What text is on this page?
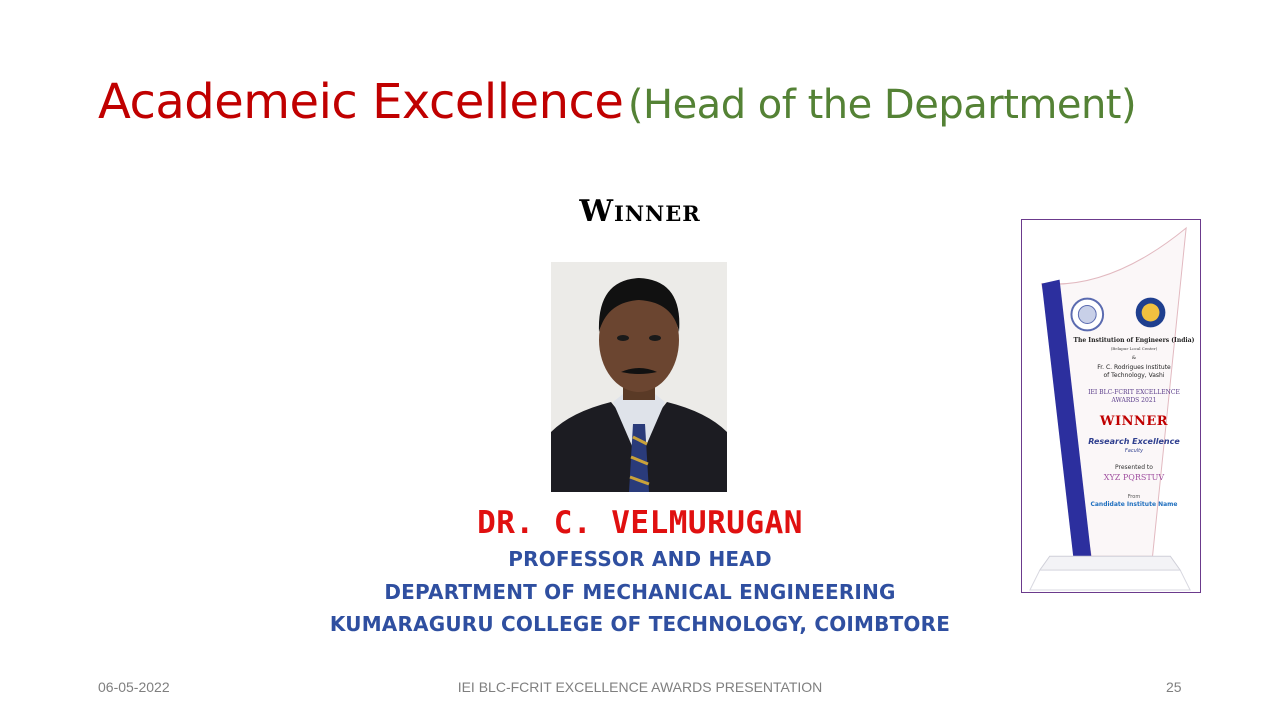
Academeic Excellence (Head of the Department)
Winner
DR. C. VELMURUGAN
PROFESSOR AND HEAD
DEPARTMENT OF MECHANICAL ENGINEERING
KUMARAGURU COLLEGE OF TECHNOLOGY, COIMBTORE
The Institution of Engineers (India)
(Belapur Local Center)
&
Fr. C. Rodrigues Institute
of Technology, Vashi
IEI BLC-FCRIT EXCELLENCE
AWARDS 2021
WINNER
Research Excellence
Faculty
Presented to
XYZ PQRSTUV
From
Candidate Institute Name
06-05-2022	IEI BLC-FCRIT EXCELLENCE AWARDS PRESENTATION	25
